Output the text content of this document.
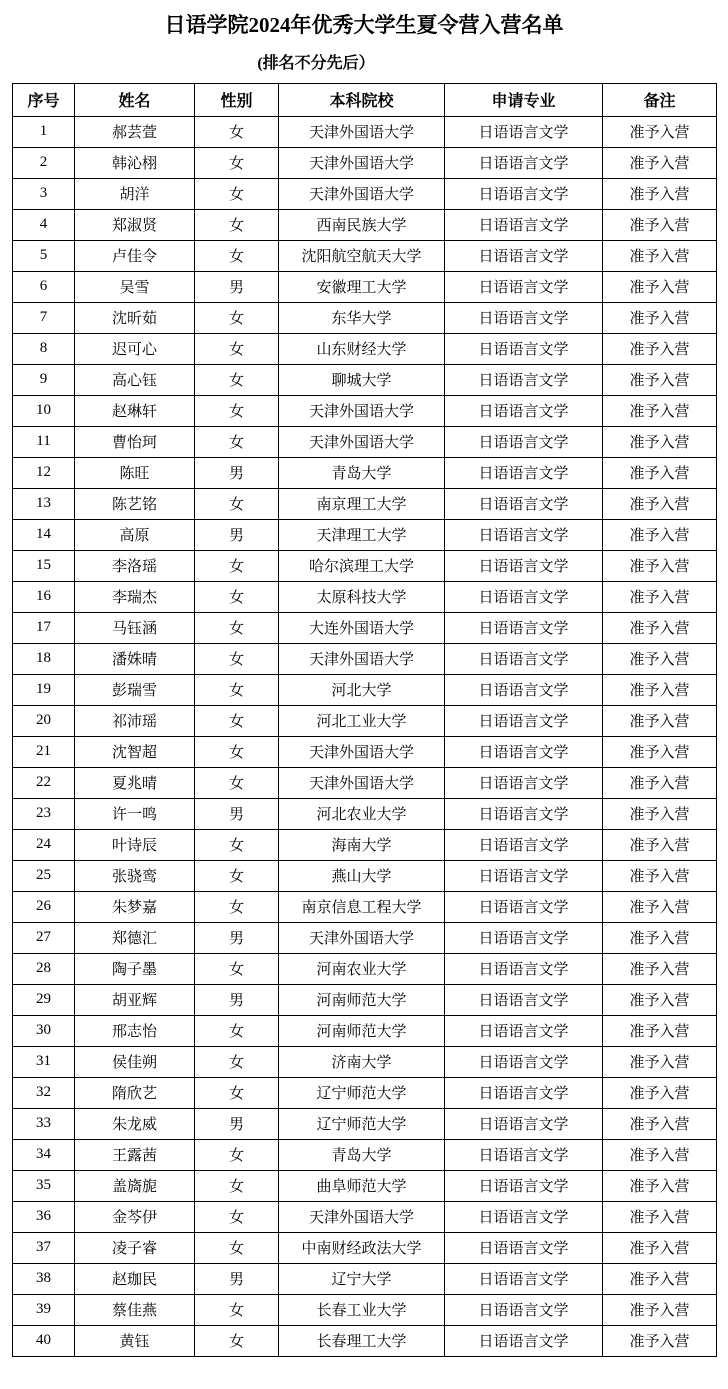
日语学院2024年优秀大学生夏令营入营名单
(排名不分先后）
序号	姓名	性别	本科院校	申请专业	备注
1	郝芸萱	女	天津外国语大学	日语语言文学	准予入营
2	韩沁栩	女	天津外国语大学	日语语言文学	准予入营
3	胡洋	女	天津外国语大学	日语语言文学	准予入营
4	郑淑贤	女	西南民族大学	日语语言文学	准予入营
5	卢佳令	女	沈阳航空航天大学	日语语言文学	准予入营
6	吴雪	男	安徽理工大学	日语语言文学	准予入营
7	沈昕茹	女	东华大学	日语语言文学	准予入营
8	迟可心	女	山东财经大学	日语语言文学	准予入营
9	高心钰	女	聊城大学	日语语言文学	准予入营
10	赵琳轩	女	天津外国语大学	日语语言文学	准予入营
11	曹怡珂	女	天津外国语大学	日语语言文学	准予入营
12	陈旺	男	青岛大学	日语语言文学	准予入营
13	陈艺铭	女	南京理工大学	日语语言文学	准予入营
14	高原	男	天津理工大学	日语语言文学	准予入营
15	李洛瑶	女	哈尔滨理工大学	日语语言文学	准予入营
16	李瑞杰	女	太原科技大学	日语语言文学	准予入营
17	马钰涵	女	大连外国语大学	日语语言文学	准予入营
18	潘姝晴	女	天津外国语大学	日语语言文学	准予入营
19	彭瑞雪	女	河北大学	日语语言文学	准予入营
20	祁沛瑶	女	河北工业大学	日语语言文学	准予入营
21	沈智超	女	天津外国语大学	日语语言文学	准予入营
22	夏兆晴	女	天津外国语大学	日语语言文学	准予入营
23	许一鸣	男	河北农业大学	日语语言文学	准予入营
24	叶诗辰	女	海南大学	日语语言文学	准予入营
25	张骁鸾	女	燕山大学	日语语言文学	准予入营
26	朱梦嘉	女	南京信息工程大学	日语语言文学	准予入营
27	郑德汇	男	天津外国语大学	日语语言文学	准予入营
28	陶子墨	女	河南农业大学	日语语言文学	准予入营
29	胡亚辉	男	河南师范大学	日语语言文学	准予入营
30	邢志怡	女	河南师范大学	日语语言文学	准予入营
31	侯佳朔	女	济南大学	日语语言文学	准予入营
32	隋欣艺	女	辽宁师范大学	日语语言文学	准予入营
33	朱龙威	男	辽宁师范大学	日语语言文学	准予入营
34	王露茜	女	青岛大学	日语语言文学	准予入营
35	盖旖旎	女	曲阜师范大学	日语语言文学	准予入营
36	金芩伊	女	天津外国语大学	日语语言文学	准予入营
37	凌子睿	女	中南财经政法大学	日语语言文学	准予入营
38	赵珈民	男	辽宁大学	日语语言文学	准予入营
39	蔡佳燕	女	长春工业大学	日语语言文学	准予入营
40	黄钰	女	长春理工大学	日语语言文学	准予入营
